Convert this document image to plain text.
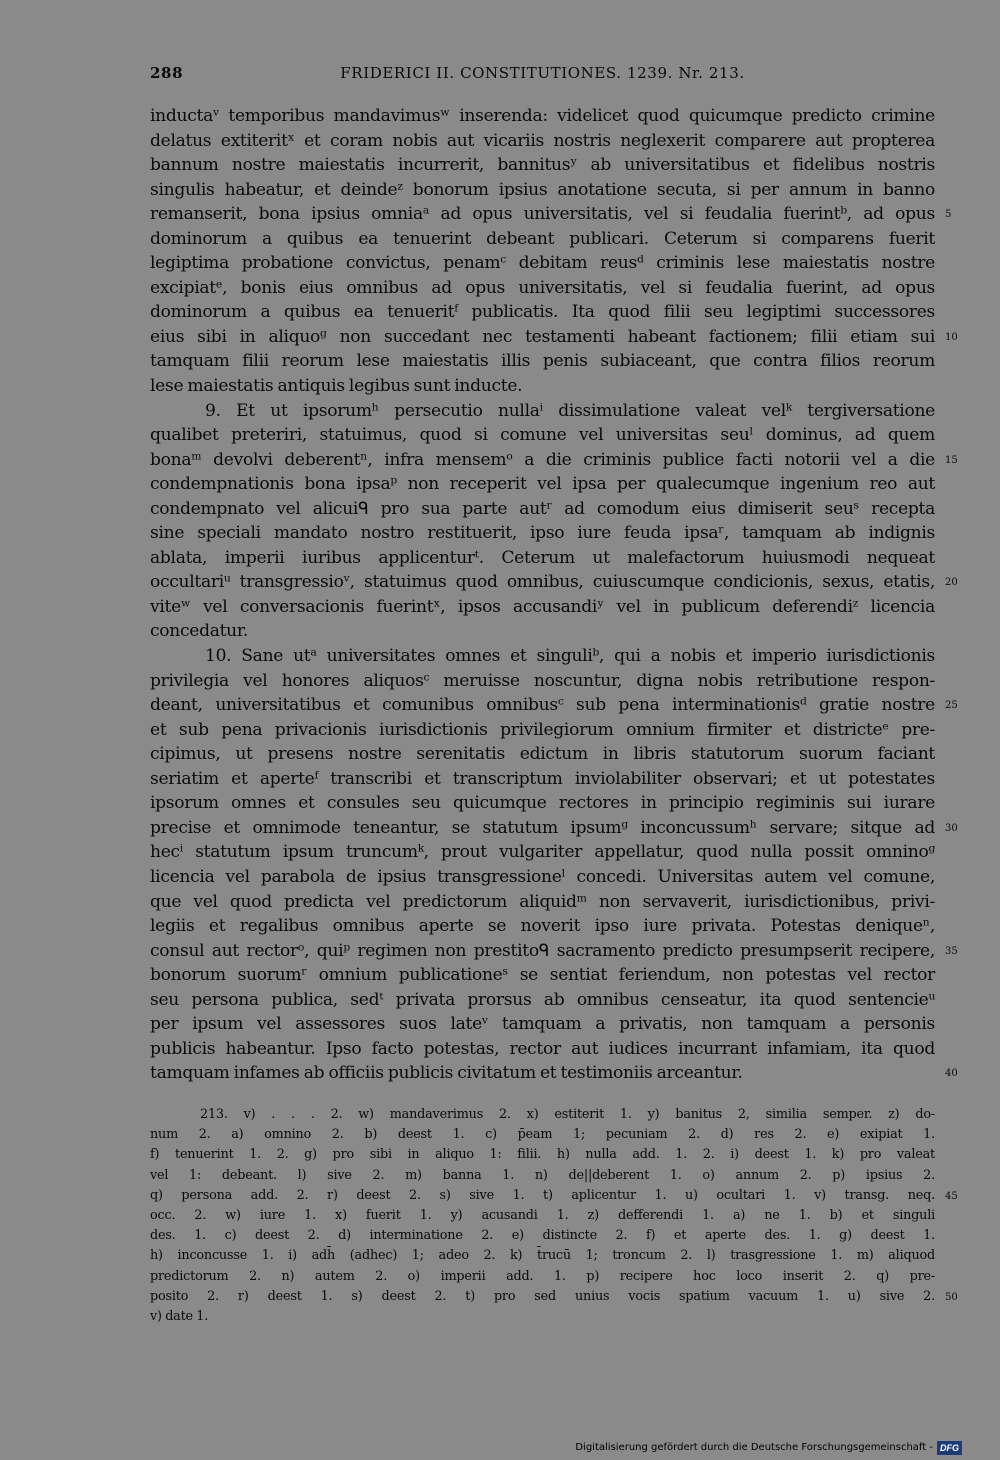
288	FRIDERICI II. CONSTITUTIONES. 1239. Nr. 213.
inductaᵛ temporibus mandavimusʷ inserenda: videlicet quod quicumque predicto crimine
delatus extiteritˣ et coram nobis aut vicariis nostris neglexerit comparere aut propterea
bannum nostre maiestatis incurrerit, bannitusʸ ab universitatibus et fidelibus nostris
singulis habeatur, et deindeᶻ bonorum ipsius anotatione secuta, si per annum in banno
remanserit, bona ipsius omniaᵃ ad opus universitatis, vel si feudalia fuerintᵇ, ad opus
dominorum a quibus ea tenuerint debeant publicari. Ceterum si comparens fuerit
legiptima probatione convictus, penamᶜ debitam reusᵈ criminis lese maiestatis nostre
excipiatᵉ, bonis eius omnibus ad opus universitatis, vel si feudalia fuerint, ad opus
dominorum a quibus ea tenueritᶠ publicatis. Ita quod filii seu legiptimi successores
eius sibi in aliquoᵍ non succedant nec testamenti habeant factionem; filii etiam sui
tamquam filii reorum lese maiestatis illis penis subiaceant, que contra filios reorum
lese maiestatis antiquis legibus sunt inducte.
9. Et ut ipsorumʰ persecutio nullaⁱ dissimulatione valeat velᵏ tergiversatione
qualibet preteriri, statuimus, quod si comune vel universitas seuˡ dominus, ad quem
bonaᵐ devolvi deberentⁿ, infra mensemᵒ a die criminis publice facti notorii vel a die
condempnationis bona ipsaᵖ non receperit vel ipsa per qualecumque ingenium reo aut
condempnato vel alicuiᑫ pro sua parte autʳ ad comodum eius dimiserit seuˢ recepta
sine speciali mandato nostro restituerit, ipso iure feuda ipsaʳ, tamquam ab indignis
ablata, imperii iuribus applicenturᵗ. Ceterum ut malefactorum huiusmodi nequeat
occultariᵘ transgressioᵛ, statuimus quod omnibus, cuiuscumque condicionis, sexus, etatis,
viteʷ vel conversacionis fuerintˣ, ipsos accusandiʸ vel in publicum deferendiᶻ licencia
concedatur.
10. Sane utᵃ universitates omnes et singuliᵇ, qui a nobis et imperio iurisdictionis
privilegia vel honores aliquosᶜ meruisse noscuntur, digna nobis retributione respon-
deant, universitatibus et comunibus omnibusᶜ sub pena interminationisᵈ gratie nostre
et sub pena privacionis iurisdictionis privilegiorum omnium firmiter et districteᵉ pre-
cipimus, ut presens nostre serenitatis edictum in libris statutorum suorum faciant
seriatim et aperteᶠ transcribi et transcriptum inviolabiliter observari; et ut potestates
ipsorum omnes et consules seu quicumque rectores in principio regiminis sui iurare
precise et omnimode teneantur, se statutum ipsumᵍ inconcussumʰ servare; sitque ad
hecⁱ statutum ipsum truncumᵏ, prout vulgariter appellatur, quod nulla possit omninoᵍ
licencia vel parabola de ipsius transgressioneˡ concedi. Universitas autem vel comune,
que vel quod predicta vel predictorum aliquidᵐ non servaverit, iurisdictionibus, privi-
legiis et regalibus omnibus aperte se noverit ipso iure privata. Potestas deniqueⁿ,
consul aut rectorᵒ, quiᵖ regimen non prestitoᑫ sacramento predicto presumpserit recipere,
bonorum suorumʳ omnium publicationeˢ se sentiat feriendum, non potestas vel rector
seu persona publica, sedᵗ privata prorsus ab omnibus censeatur, ita quod sentencieᵘ
per ipsum vel assessores suos lateᵛ tamquam a privatis, non tamquam a personis
publicis habeantur. Ipso facto potestas, rector aut iudices incurrant infamiam, ita quod
tamquam infames ab officiis publicis civitatum et testimoniis arceantur.
5
10
15
20
25
30
35
40
213. v) . . . 2. w) mandaverimus 2. x) estiterit 1. y) banitus 2, similia semper. z) do-
num 2. a) omnino 2. b) deest 1. c) p̄eam 1; pecuniam 2. d) res 2. e) exipiat 1.
f) tenuerint 1. 2. g) pro sibi in aliquo 1: filii. h) nulla add. 1. 2. i) deest 1. k) pro valeat
vel 1: debeant. l) sive 2. m) banna 1. n) de||deberent 1. o) annum 2. p) ipsius 2.
q) persona add. 2. r) deest 2. s) sive 1. t) aplicentur 1. u) ocultari 1. v) transg. neq.
occ. 2. w) iure 1. x) fuerit 1. y) acusandi 1. z) defferendi 1. a) ne 1. b) et singuli
des. 1. c) deest 2. d) interminatione 2. e) distincte 2. f) et aperte des. 1. g) deest 1.
h) inconcusse 1. i) adh̄ (adhec) 1; adeo 2. k) t̄rucū 1; troncum 2. l) trasgressione 1. m) aliquod
predictorum 2. n) autem 2. o) imperii add. 1. p) recipere hoc loco inserit 2. q) pre-
posito 2. r) deest 1. s) deest 2. t) pro sed unius vocis spatium vacuum 1. u) sive 2.
v) date 1.
45
50
Digitalisierung gefördert durch die Deutsche Forschungsgemeinschaft - DFG
